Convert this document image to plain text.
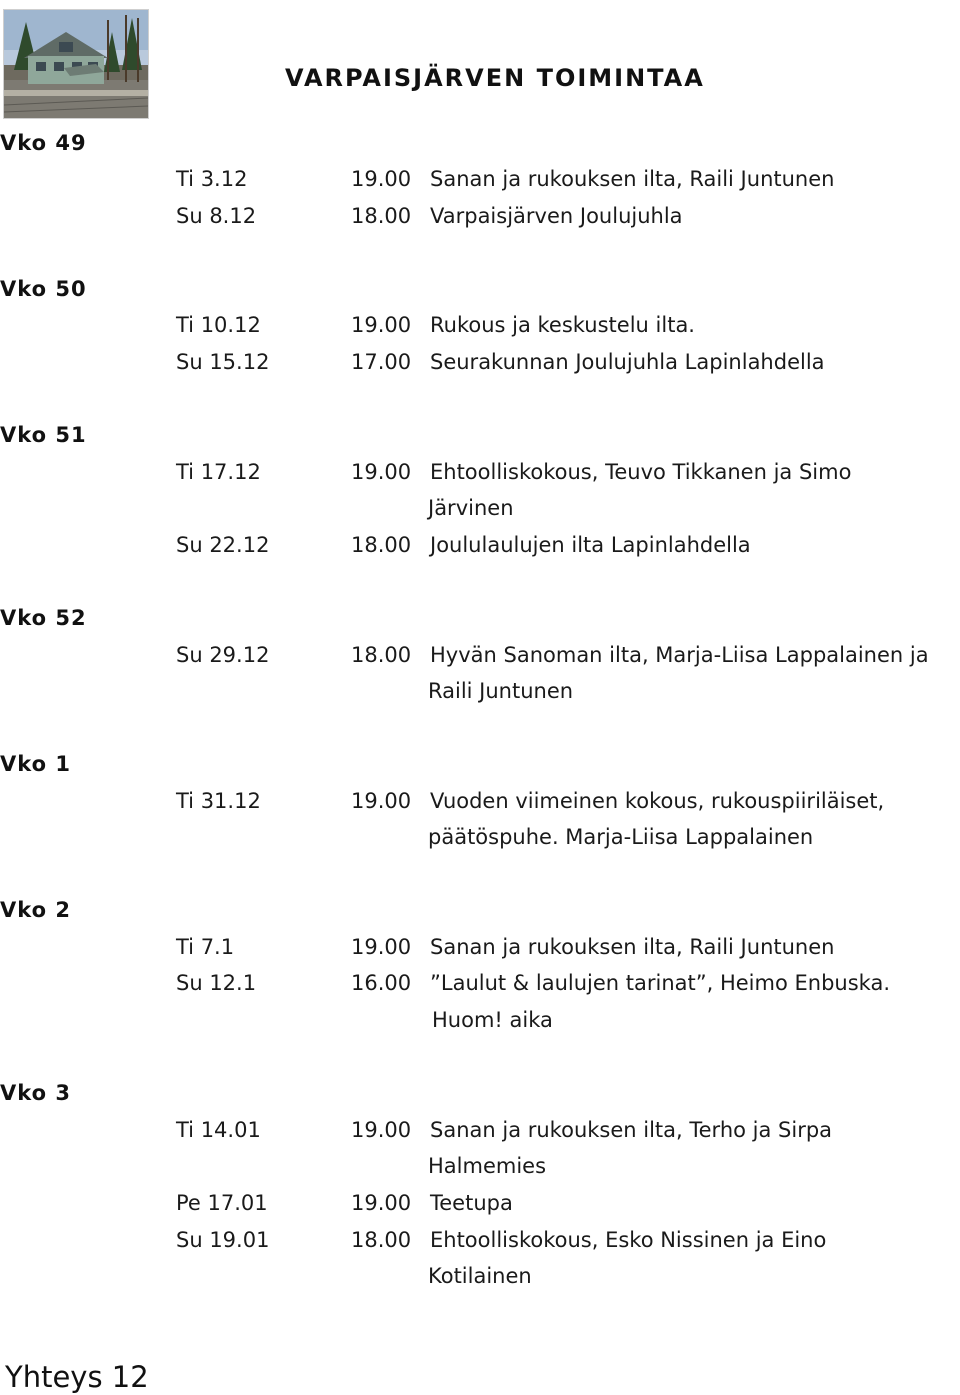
VARPAISJÄRVEN TOIMINTAA
Vko 49
Ti 3.12	19.00 Sanan ja rukouksen ilta, Raili Juntunen
Su 8.12	18.00 Varpaisjärven Joulujuhla
Vko 50
Ti 10.12	19.00 Rukous ja keskustelu ilta.
Su 15.12	17.00 Seurakunnan Joulujuhla Lapinlahdella
Vko 51
Ti 17.12	19.00 Ehtoolliskokous, Teuvo Tikkanen ja Simo
Järvinen
Su 22.12	18.00 Joululaulujen ilta Lapinlahdella
Vko 52
Su 29.12	18.00 Hyvän Sanoman ilta, Marja-Liisa Lappalainen ja
Raili Juntunen
Vko 1
Ti 31.12	19.00 Vuoden viimeinen kokous, rukouspiiriläiset,
päätöspuhe. Marja-Liisa Lappalainen
Vko 2
Ti 7.1	19.00 Sanan ja rukouksen ilta, Raili Juntunen
Su 12.1	16.00 ”Laulut & laulujen tarinat”, Heimo Enbuska.
Huom! aika
Vko 3
Ti 14.01	19.00 Sanan ja rukouksen ilta, Terho ja Sirpa
Halmemies
Pe 17.01	19.00 Teetupa
Su 19.01	18.00 Ehtoolliskokous, Esko Nissinen ja Eino
Kotilainen
Yhteys 12
